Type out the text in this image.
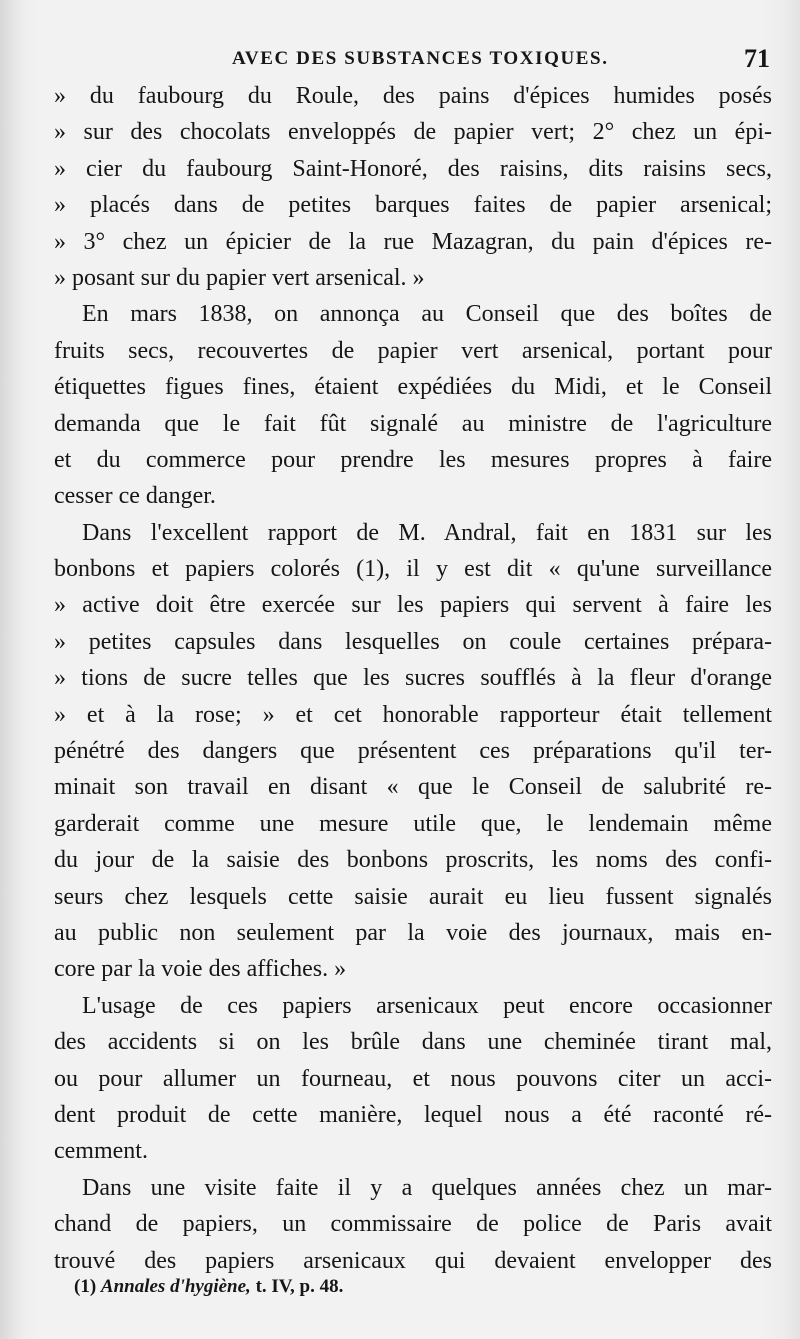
AVEC DES SUBSTANCES TOXIQUES.	71
» du faubourg du Roule, des pains d'épices humides posés
» sur des chocolats enveloppés de papier vert; 2° chez un épi-
» cier du faubourg Saint-Honoré, des raisins, dits raisins secs,
» placés dans de petites barques faites de papier arsenical;
» 3° chez un épicier de la rue Mazagran, du pain d'épices re-
» posant sur du papier vert arsenical. »
En mars 1838, on annonça au Conseil que des boîtes de
fruits secs, recouvertes de papier vert arsenical, portant pour
étiquettes figues fines, étaient expédiées du Midi, et le Conseil
demanda que le fait fût signalé au ministre de l'agriculture
et du commerce pour prendre les mesures propres à faire
cesser ce danger.
Dans l'excellent rapport de M. Andral, fait en 1831 sur les
bonbons et papiers colorés (1), il y est dit « qu'une surveillance
» active doit être exercée sur les papiers qui servent à faire les
» petites capsules dans lesquelles on coule certaines prépara-
» tions de sucre telles que les sucres soufflés à la fleur d'orange
» et à la rose; » et cet honorable rapporteur était tellement
pénétré des dangers que présentent ces préparations qu'il ter-
minait son travail en disant « que le Conseil de salubrité re-
garderait comme une mesure utile que, le lendemain même
du jour de la saisie des bonbons proscrits, les noms des confi-
seurs chez lesquels cette saisie aurait eu lieu fussent signalés
au public non seulement par la voie des journaux, mais en-
core par la voie des affiches. »
L'usage de ces papiers arsenicaux peut encore occasionner
des accidents si on les brûle dans une cheminée tirant mal,
ou pour allumer un fourneau, et nous pouvons citer un acci-
dent produit de cette manière, lequel nous a été raconté ré-
cemment.
Dans une visite faite il y a quelques années chez un mar-
chand de papiers, un commissaire de police de Paris avait
trouvé des papiers arsenicaux qui devaient envelopper des
(1) Annales d'hygiène, t. IV, p. 48.
